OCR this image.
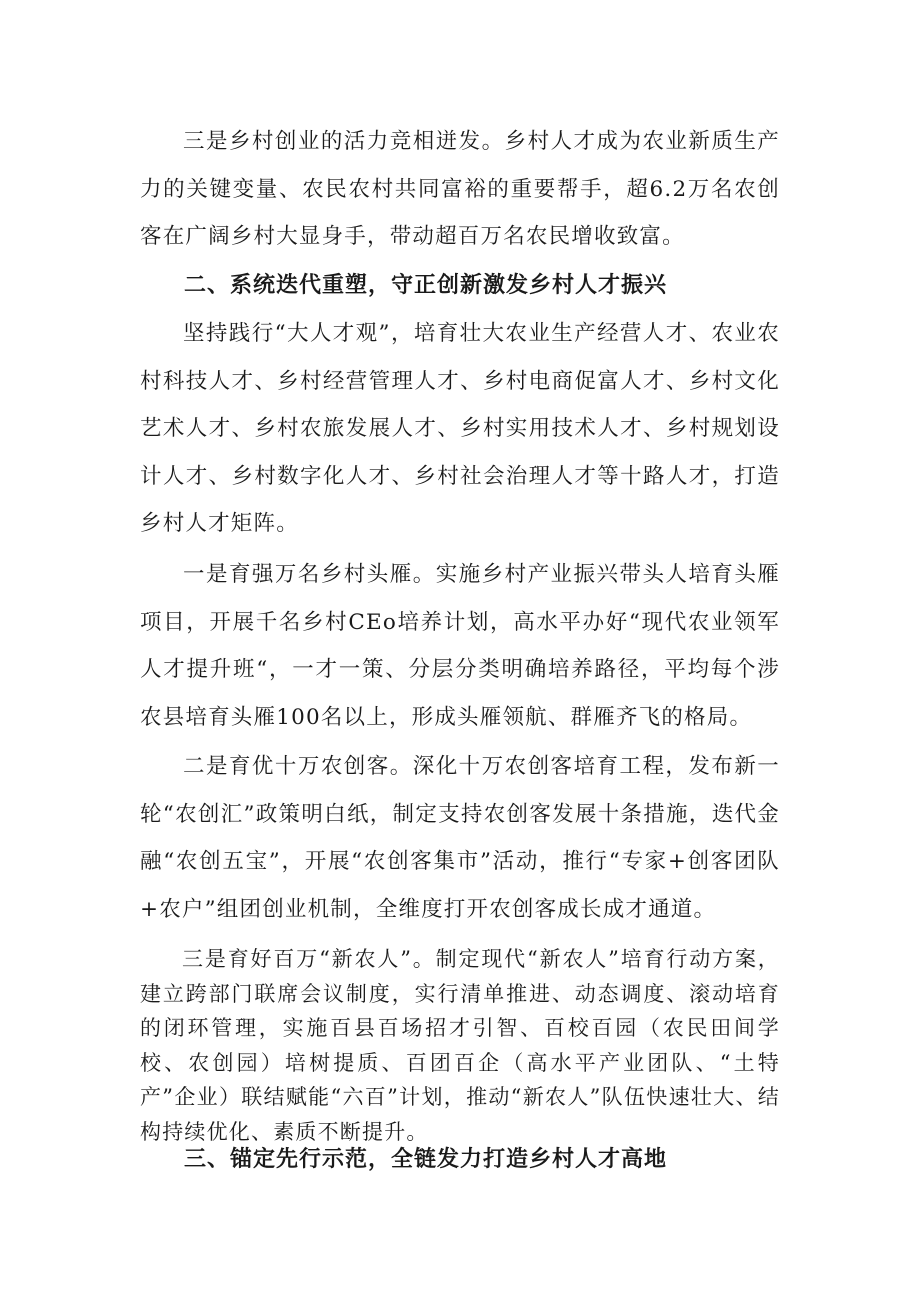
三是乡村创业的活力竞相迸发。乡村人才成为农业新质生产力的关键变量、农民农村共同富裕的重要帮手，超6.2万名农创客在广阔乡村大显身手，带动超百万名农民增收致富。

二、系统迭代重塑，守正创新激发乡村人才振兴

坚持践行“大人才观”，培育壮大农业生产经营人才、农业农村科技人才、乡村经营管理人才、乡村电商促富人才、乡村文化艺术人才、乡村农旅发展人才、乡村实用技术人才、乡村规划设计人才、乡村数字化人才、乡村社会治理人才等十路人才，打造乡村人才矩阵。

一是育强万名乡村头雁。实施乡村产业振兴带头人培育头雁项目，开展千名乡村CEo培养计划，高水平办好“现代农业领军人才提升班“，一才一策、分层分类明确培养路径，平均每个涉农县培育头雁100名以上，形成头雁领航、群雁齐飞的格局。

二是育优十万农创客。深化十万农创客培育工程，发布新一轮“农创汇”政策明白纸，制定支持农创客发展十条措施，迭代金融“农创五宝”，开展“农创客集市”活动，推行“专家+创客团队+农户”组团创业机制，全维度打开农创客成长成才通道。

三是育好百万“新农人”。制定现代“新农人”培育行动方案，建立跨部门联席会议制度，实行清单推进、动态调度、滚动培育的闭环管理，实施百县百场招才引智、百校百园（农民田间学校、农创园）培树提质、百团百企（高水平产业团队、“土特产”企业）联结赋能“六百”计划，推动“新农人”队伍快速壮大、结构持续优化、素质不断提升。

三、锚定先行示范，全链发力打造乡村人才高地
